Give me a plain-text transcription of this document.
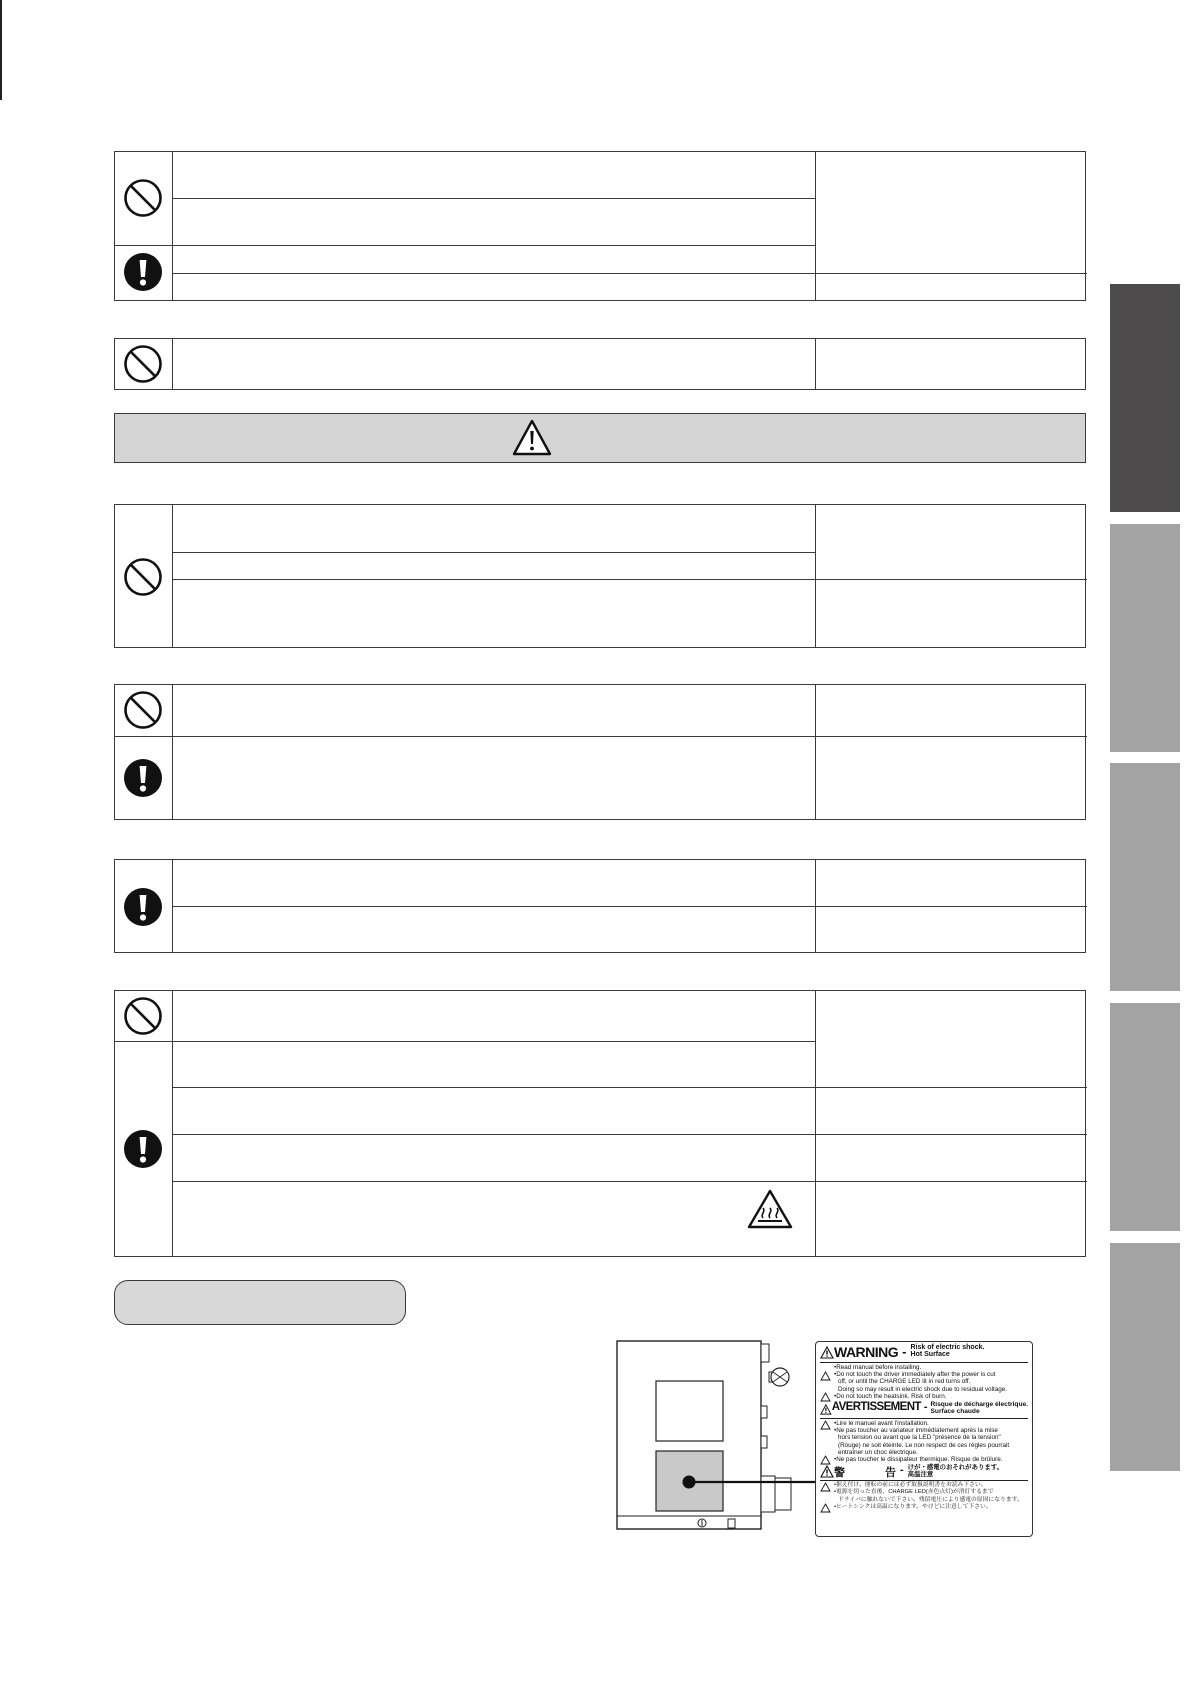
WARNING - Risk of electric shock.
Hot Surface
•Read manual before installing.
•Do not touch the driver immediately after the power is cut
off, or until the CHARGE LED lit in red turns off.
Doing so may result in electric shock due to residual voltage.
•Do not touch the heatsink. Risk of burn.
AVERTISSEMENT - Risque de décharge électrique.
Surface chaude
•Lire le manuel avant l'installation.
•Ne pas toucher au variateur immédiatement après la mise
hors tension ou avant que la LED "présence de la tension"
(Rouge) ne soit éteinte. Le non respect de ces règles pourrait
entraîner un choc électrique.
•Ne pas toucher le dissipateur thermique. Risque de brûlure.
警	告 - けが・感電のおそれがあります。
高温注意
•据え付け、運転の前には必ず取扱説明書をお読み下さい。
•電源を切った直後、CHARGE LED(赤色点灯)が消灯するまで
ドライバに触れないで下さい。残留電圧により感電の原因になります。
•ヒートシンクは高温になります。やけどに注意して下さい。
